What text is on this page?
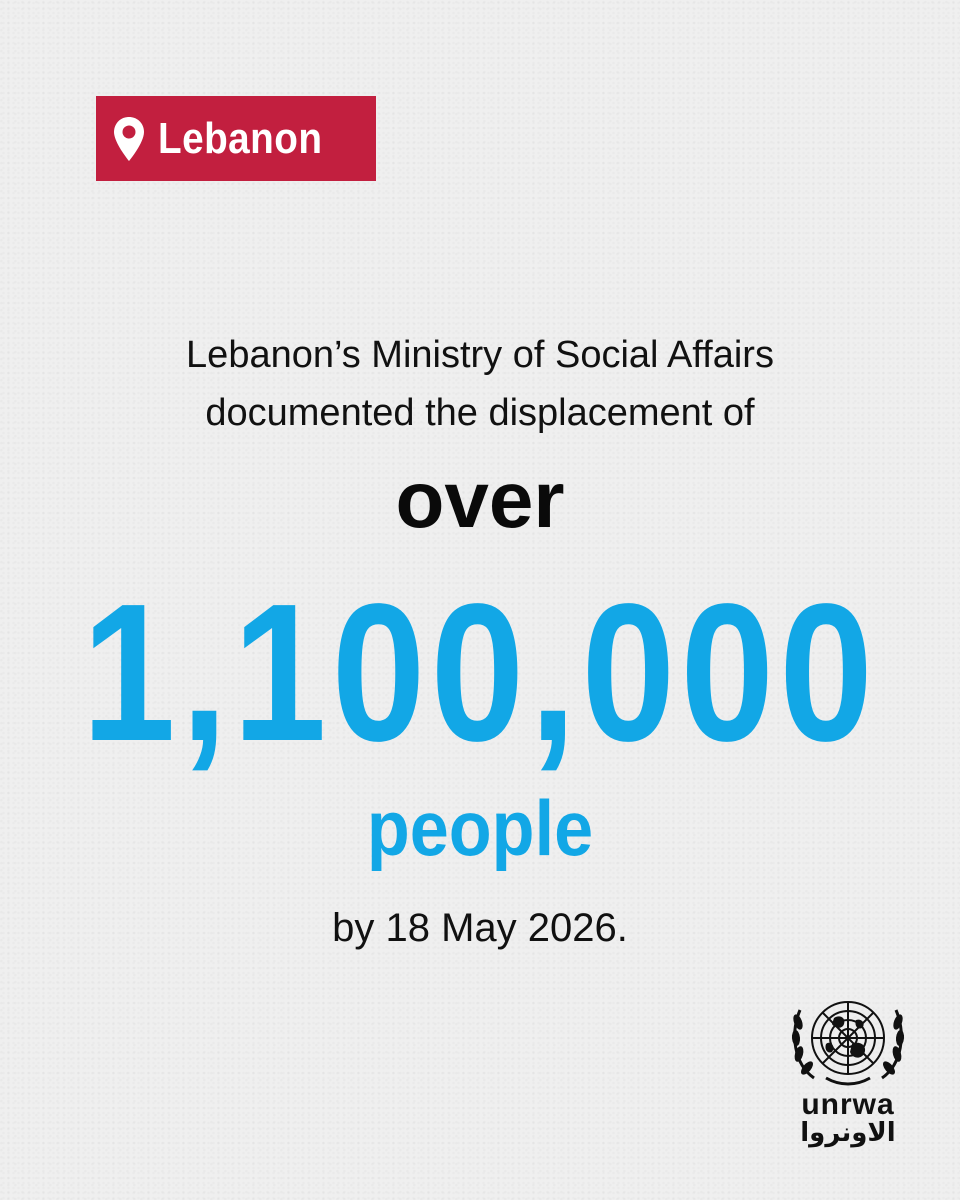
Lebanon
Lebanon’s Ministry of Social Affairs
documented the displacement of
over
1,100,000
people
by 18 May 2026.
unrwa
الاونروا
